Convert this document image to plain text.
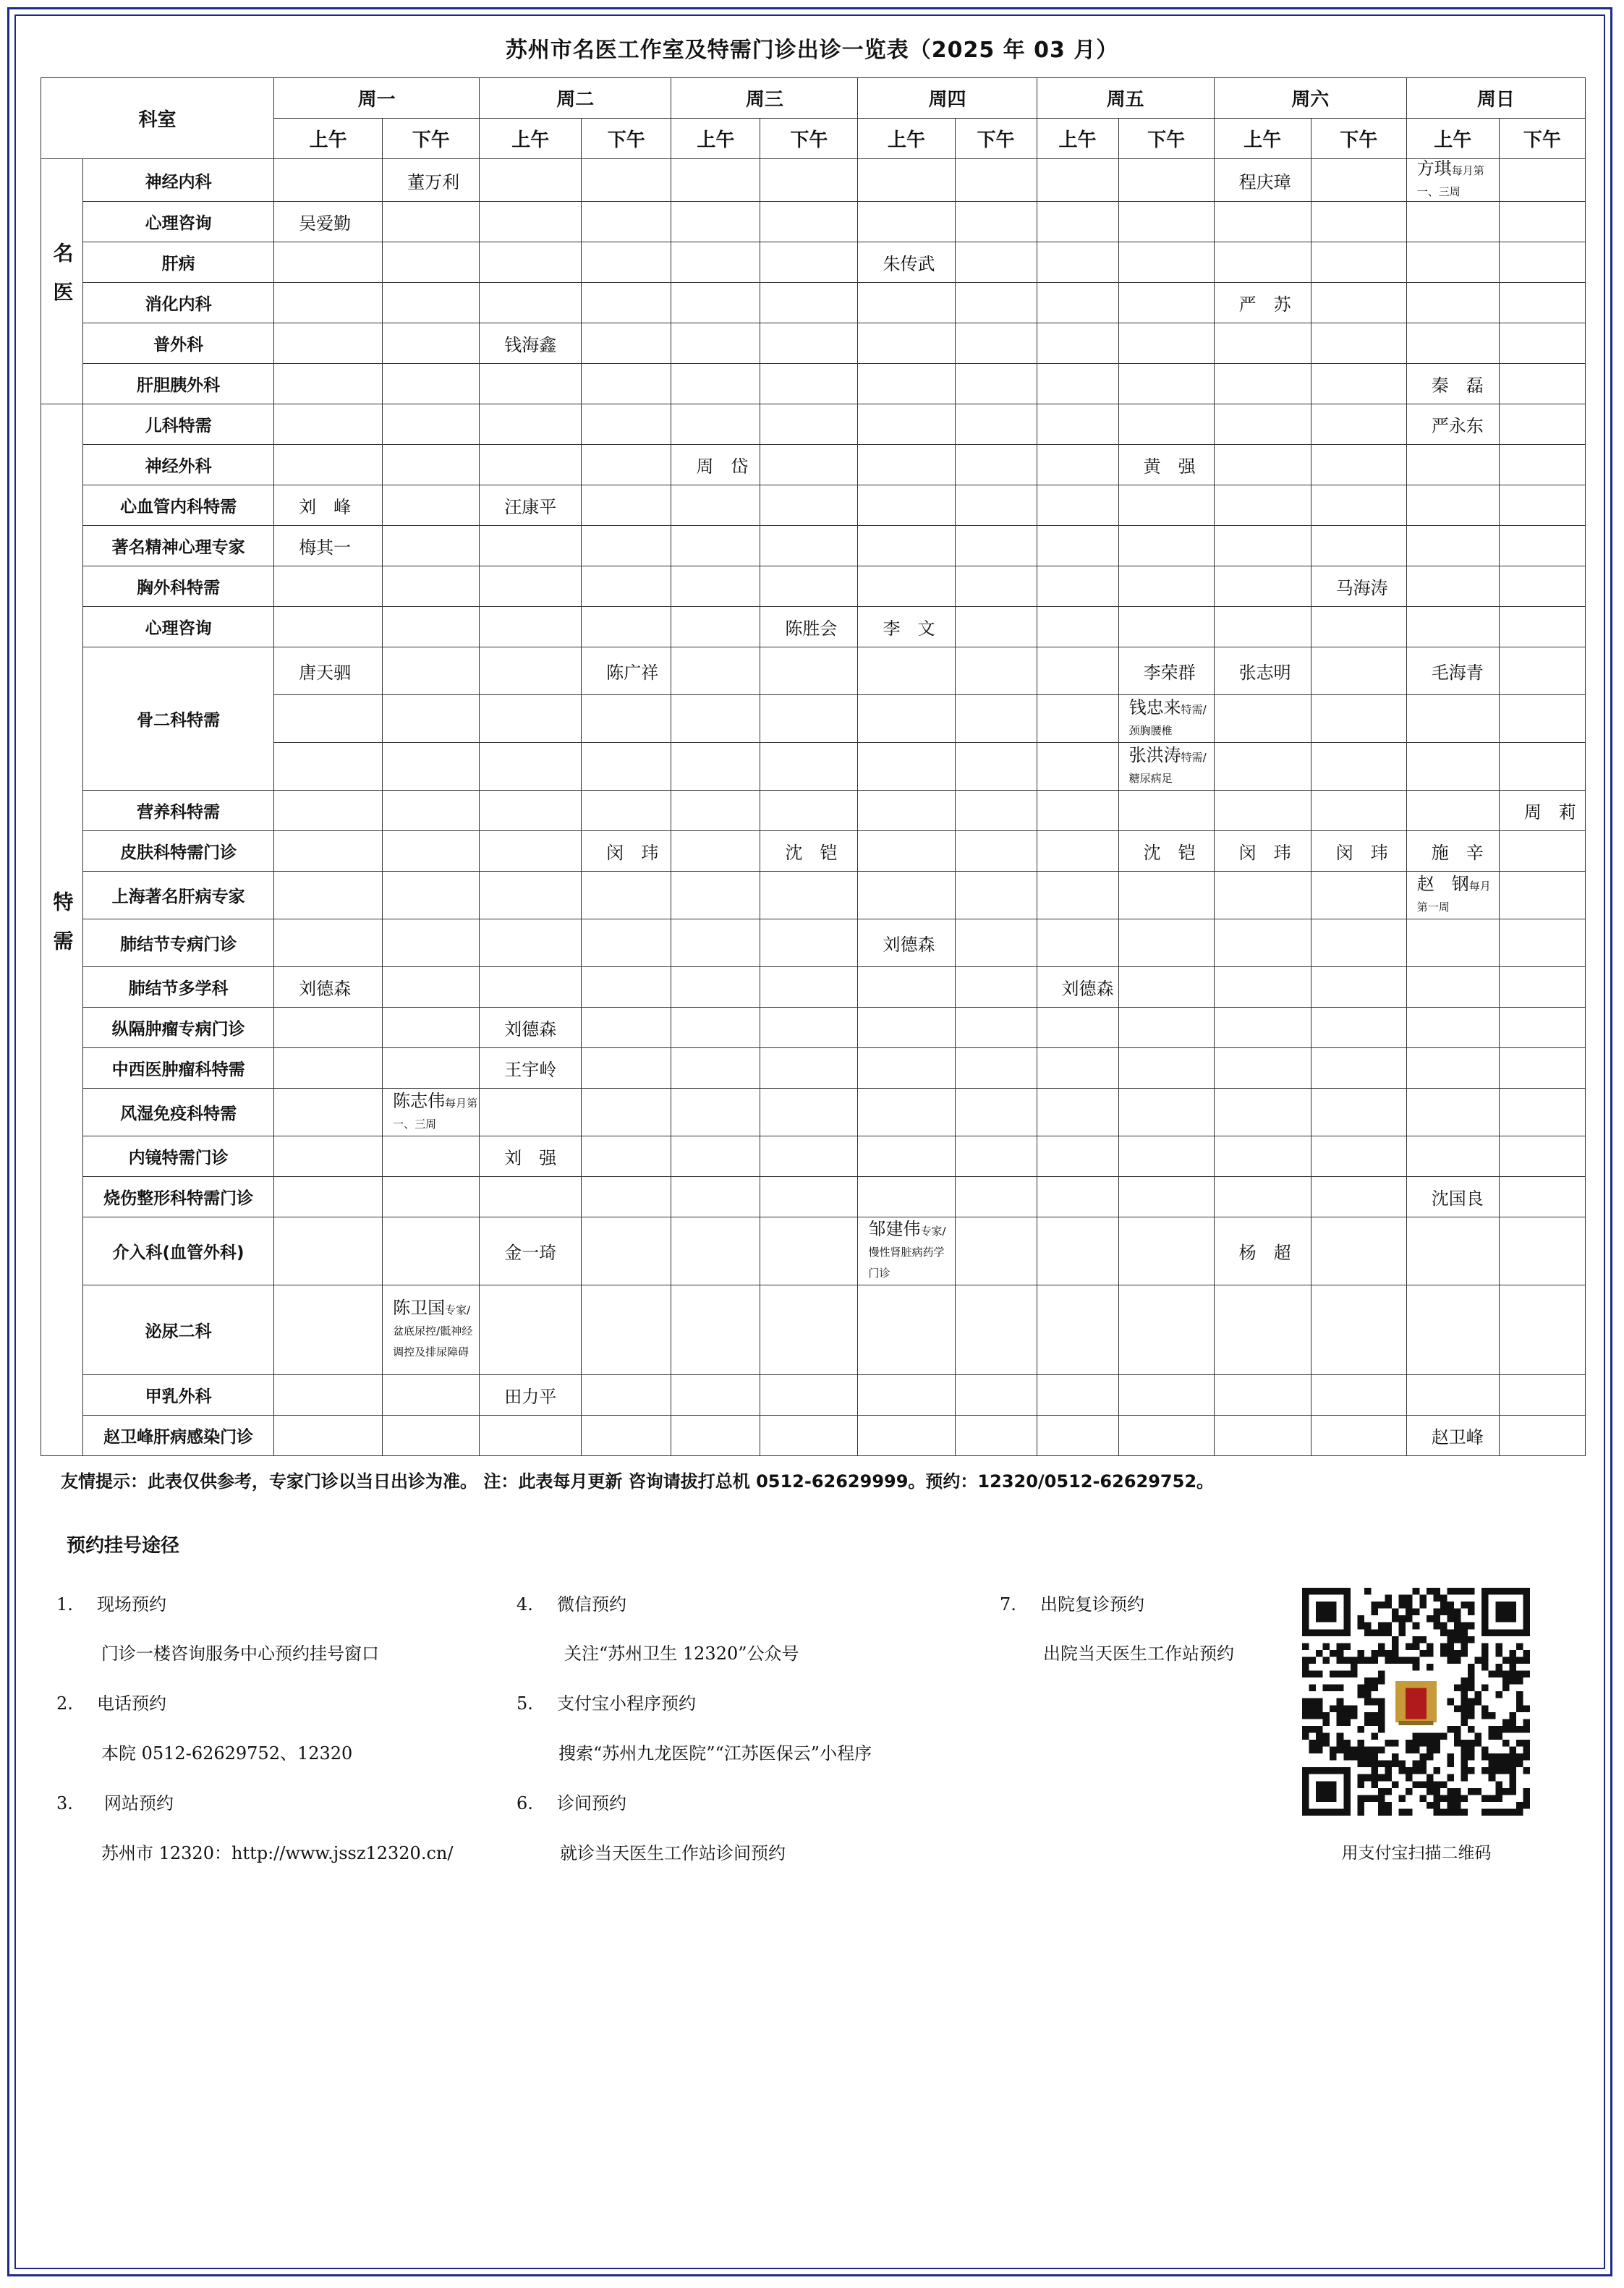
苏州市名医工作室及特需门诊出诊一览表（2025 年 03 月）
科室		周一		周二		周三		周四		周五		周六		周日	
		上午	下午	上午	下午	上午	下午	上午	下午	上午	下午	上午	下午	上午	下午
名医	神经内科		董万利									程庆璋		方琪每月第一、三周	
	心理咨询	吴爱勤													
	肝病							朱传武							
	消化内科											严　苏			
	普外科			钱海鑫											
	肝胆胰外科													秦　磊	
特需	儿科特需													严永东	
	神经外科					周　岱					黄　强				
	心血管内科特需	刘　峰		汪康平											
	著名精神心理专家	梅其一													
	胸外科特需												马海涛		
	心理咨询						陈胜会	李　文							
	骨二科特需	唐天驷			陈广祥						李荣群	张志明		毛海青	
											钱忠来特需/颈胸腰椎				
											张洪涛特需/糖尿病足				
	营养科特需														周　莉
	皮肤科特需门诊				闵　玮		沈　铠				沈　铠	闵　玮	闵　玮	施　辛	
	上海著名肝病专家													赵　钢每月第一周	
	肺结节专病门诊							刘德森							
	肺结节多学科	刘德森								刘德森					
	纵隔肿瘤专病门诊			刘德森											
	中西医肿瘤科特需			王宇岭											
	风湿免疫科特需		陈志伟每月第一、三周												
	内镜特需门诊			刘　强											
	烧伤整形科特需门诊													沈国良	
	介入科(血管外科)			金一琦				邹建伟专家/慢性肾脏病药学门诊				杨　超			
	泌尿二科		陈卫国专家/盆底尿控/骶神经调控及排尿障碍												
	甲乳外科			田力平											
	赵卫峰肝病感染门诊													赵卫峰	
友情提示：此表仅供参考，专家门诊以当日出诊为准。 注：此表每月更新 咨询请拔打总机 0512-62629999。预约：12320/0512-62629752。
预约挂号途径
1. 现场预约
门诊一楼咨询服务中心预约挂号窗口
2. 电话预约
本院 0512-62629752、12320
3. 网站预约
苏州市 12320：http://www.jssz12320.cn/
4. 微信预约
关注“苏州卫生 12320”公众号
5. 支付宝小程序预约
搜索“苏州九龙医院”“江苏医保云”小程序
6. 诊间预约
就诊当天医生工作站诊间预约
7. 出院复诊预约
出院当天医生工作站预约
用支付宝扫描二维码
